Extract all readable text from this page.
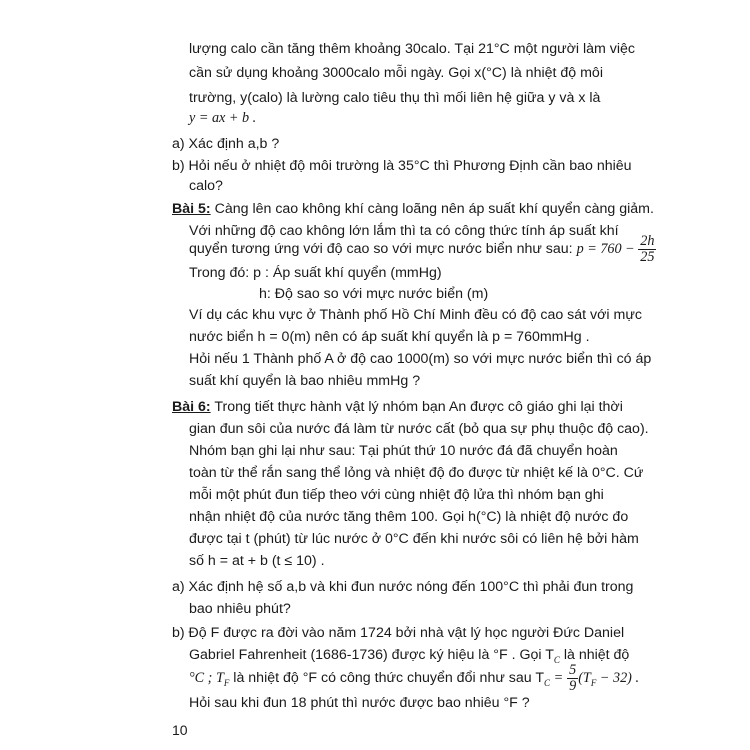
lượng calo cần tăng thêm khoảng 30calo. Tại 21°C một người làm việc
cần sử dụng khoảng 3000calo mỗi ngày. Gọi x(°C) là nhiệt độ môi
trường, y(calo) là lường calo tiêu thụ thì mối liên hệ giữa y và x là
y = ax + b .
a) Xác định a,b ?
b) Hỏi nếu ở nhiệt độ môi trường là 35°C thì Phương Định cần bao nhiêu
calo?
Bài 5: Càng lên cao không khí càng loãng nên áp suất khí quyển càng giảm.
Với những độ cao không lớn lắm thì ta có công thức tính áp suất khí
quyển tương ứng với độ cao so với mực nước biển như sau: $p = 760 - \frac{2h}{25}$
Trong đó: p : Áp suất khí quyển (mmHg)
h: Độ sao so với mực nước biển (m)
Ví dụ các khu vực ở Thành phố Hồ Chí Minh đều có độ cao sát với mực
nước biển h = 0(m) nên có áp suất khí quyển là p = 760mmHg .
Hỏi nếu 1 Thành phố A ở độ cao 1000(m) so với mực nước biển thì có áp
suất khí quyển là bao nhiêu mmHg ?
Bài 6: Trong tiết thực hành vật lý nhóm bạn An được cô giáo ghi lại thời
gian đun sôi của nước đá làm từ nước cất (bỏ qua sự phụ thuộc độ cao).
Nhóm bạn ghi lại như sau: Tại phút thứ 10 nước đá đã chuyển hoàn
toàn từ thể rắn sang thể lỏng và nhiệt độ đo được từ nhiệt kế là 0°C. Cứ
mỗi một phút đun tiếp theo với cùng nhiệt độ lửa thì nhóm bạn ghi
nhận nhiệt độ của nước tăng thêm 100. Gọi h(°C) là nhiệt độ nước đo
được tại t (phút) từ lúc nước ở 0°C đến khi nước sôi có liên hệ bởi hàm
số h = at + b (t ≤ 10) .
a) Xác định hệ số a,b và khi đun nước nóng đến 100°C thì phải đun trong
bao nhiêu phút?
b) Độ F được ra đời vào năm 1724 bởi nhà vật lý học người Đức Daniel
Gabriel Fahrenheit (1686-1736) được ký hiệu là °F . Gọi $T_C$ là nhiệt độ
°C ; $T_F$ là nhiệt độ °F có công thức chuyển đổi như sau $T_C = \frac{5}{9} (T_F - 32)$ .
Hỏi sau khi đun 18 phút thì nước được bao nhiêu °F ?
10
